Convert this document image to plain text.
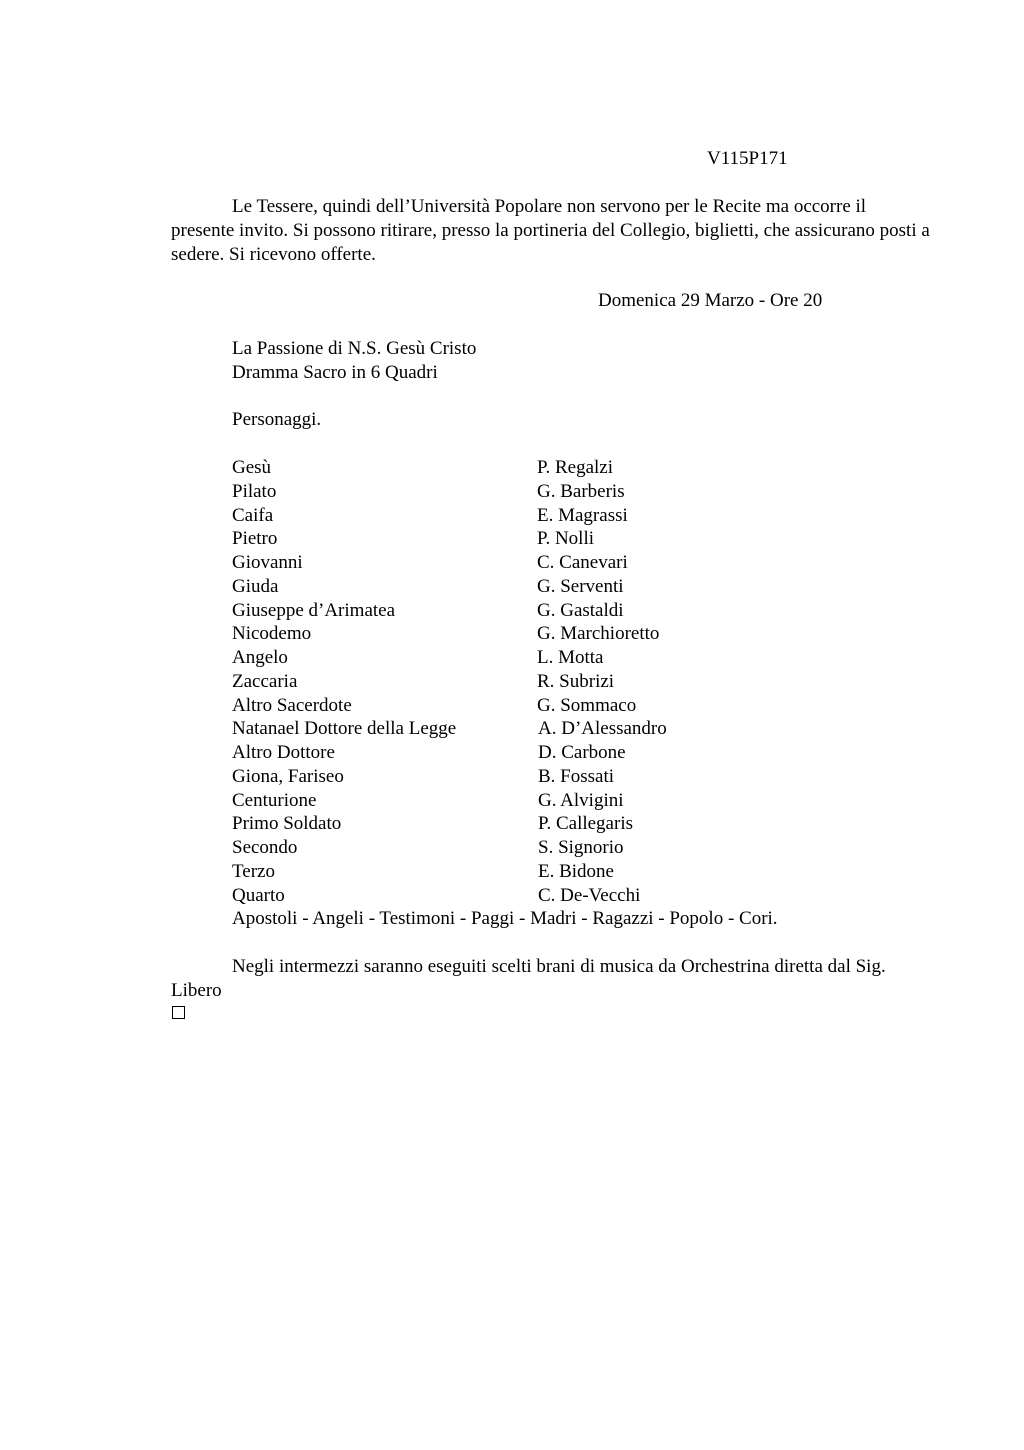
V115P171
Le Tessere, quindi dell’Università Popolare non servono per le Recite ma occorre il presente invito. Si possono ritirare, presso la portineria del Collegio, biglietti, che assicurano posti a sedere. Si ricevono offerte.
Domenica 29 Marzo - Ore 20
La Passione di N.S. Gesù Cristo
Dramma Sacro in 6 Quadri
Personaggi.
Gesù	P. Regalzi
Pilato	G. Barberis
Caifa	E. Magrassi
Pietro	P. Nolli
Giovanni	C. Canevari
Giuda	G. Serventi
Giuseppe d’Arimatea	G. Gastaldi
Nicodemo	G. Marchioretto
Angelo	L. Motta
Zaccaria	R. Subrizi
Altro Sacerdote	G. Sommaco
Natanael Dottore della Legge	A. D’Alessandro
Altro Dottore	D. Carbone
Giona, Fariseo	B. Fossati
Centurione	G. Alvigini
Primo Soldato	P. Callegaris
Secondo	S. Signorio
Terzo	E. Bidone
Quarto	C. De-Vecchi
Apostoli - Angeli - Testimoni - Paggi - Madri - Ragazzi - Popolo - Cori.
Negli intermezzi saranno eseguiti scelti brani di musica da Orchestrina diretta dal Sig. Libero
